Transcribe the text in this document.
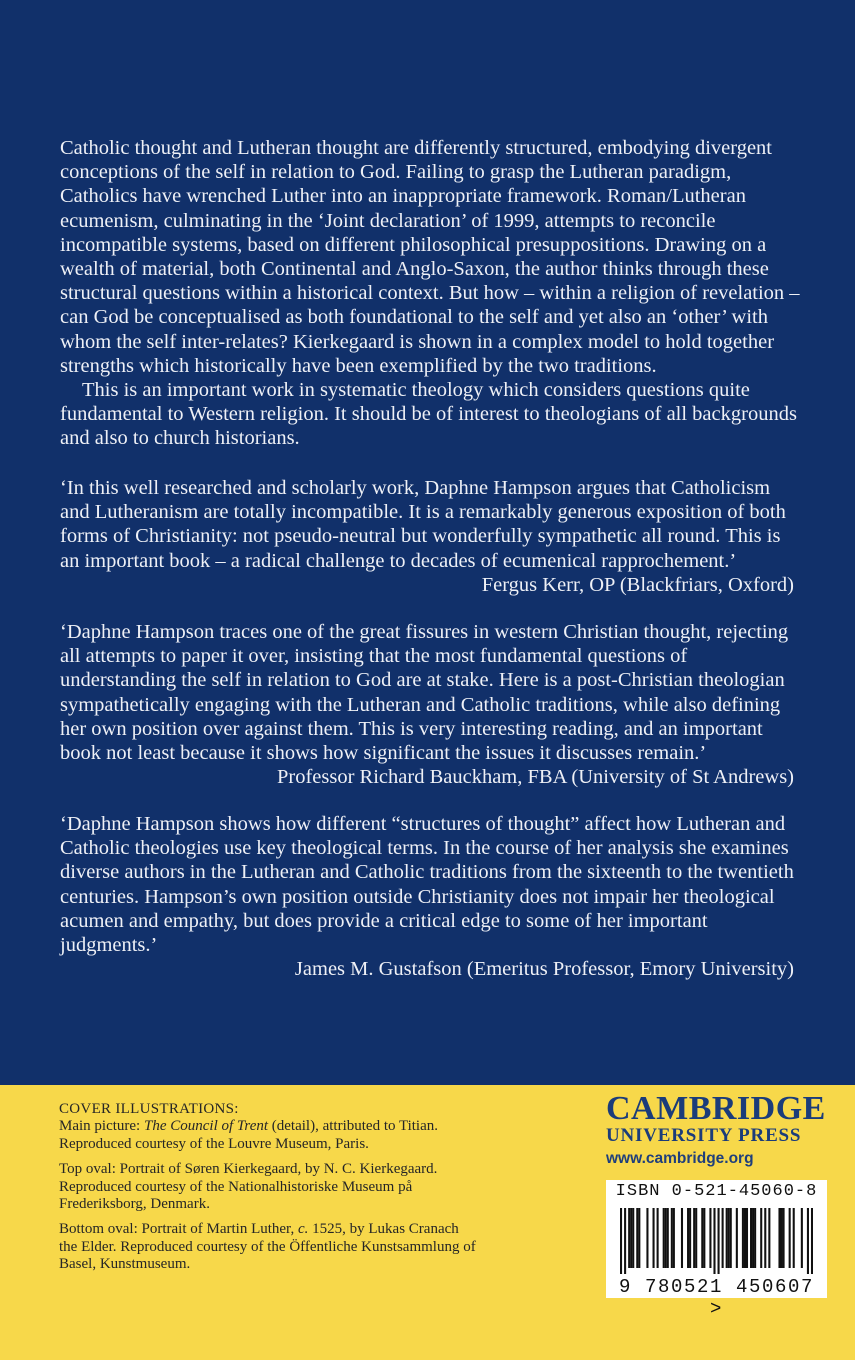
Catholic thought and Lutheran thought are differently structured, embodying divergent conceptions of the self in relation to God. Failing to grasp the Lutheran paradigm, Catholics have wrenched Luther into an inappropriate framework. Roman/Lutheran ecumenism, culminating in the ‘Joint declaration’ of 1999, attempts to reconcile incompatible systems, based on different philosophical presuppositions. Drawing on a wealth of material, both Continental and Anglo-Saxon, the author thinks through these structural questions within a historical context. But how – within a religion of revelation – can God be conceptualised as both foundational to the self and yet also an ‘other’ with whom the self inter-relates? Kierkegaard is shown in a complex model to hold together strengths which historically have been exemplified by the two traditions.

This is an important work in systematic theology which considers questions quite fundamental to Western religion. It should be of interest to theologians of all backgrounds and also to church historians.

‘In this well researched and scholarly work, Daphne Hampson argues that Catholicism and Lutheranism are totally incompatible. It is a remarkably generous exposition of both forms of Christianity: not pseudo-neutral but wonderfully sympathetic all round. This is an important book – a radical challenge to decades of ecumenical rapprochement.’

Fergus Kerr, OP (Blackfriars, Oxford)

‘Daphne Hampson traces one of the great fissures in western Christian thought, rejecting all attempts to paper it over, insisting that the most fundamental questions of understanding the self in relation to God are at stake. Here is a post-Christian theologian sympathetically engaging with the Lutheran and Catholic traditions, while also defining her own position over against them. This is very interesting reading, and an important book not least because it shows how significant the issues it discusses remain.’

Professor Richard Bauckham, FBA (University of St Andrews)

‘Daphne Hampson shows how different “structures of thought” affect how Lutheran and Catholic theologies use key theological terms. In the course of her analysis she examines diverse authors in the Lutheran and Catholic traditions from the sixteenth to the twentieth centuries. Hampson’s own position outside Christianity does not impair her theological acumen and empathy, but does provide a critical edge to some of her important judgments.’

James M. Gustafson (Emeritus Professor, Emory University)

COVER ILLUSTRATIONS:
Main picture: The Council of Trent (detail), attributed to Titian. Reproduced courtesy of the Louvre Museum, Paris.
Top oval: Portrait of Søren Kierkegaard, by N. C. Kierkegaard. Reproduced courtesy of the Nationalhistoriske Museum på Frederiksborg, Denmark.
Bottom oval: Portrait of Martin Luther, c. 1525, by Lukas Cranach the Elder. Reproduced courtesy of the Öffentliche Kunstsammlung of Basel, Kunstmuseum.
CAMBRIDGE
UNIVERSITY PRESS
www.cambridge.org
ISBN 0-521-45060-8
9 780521 450607 >
